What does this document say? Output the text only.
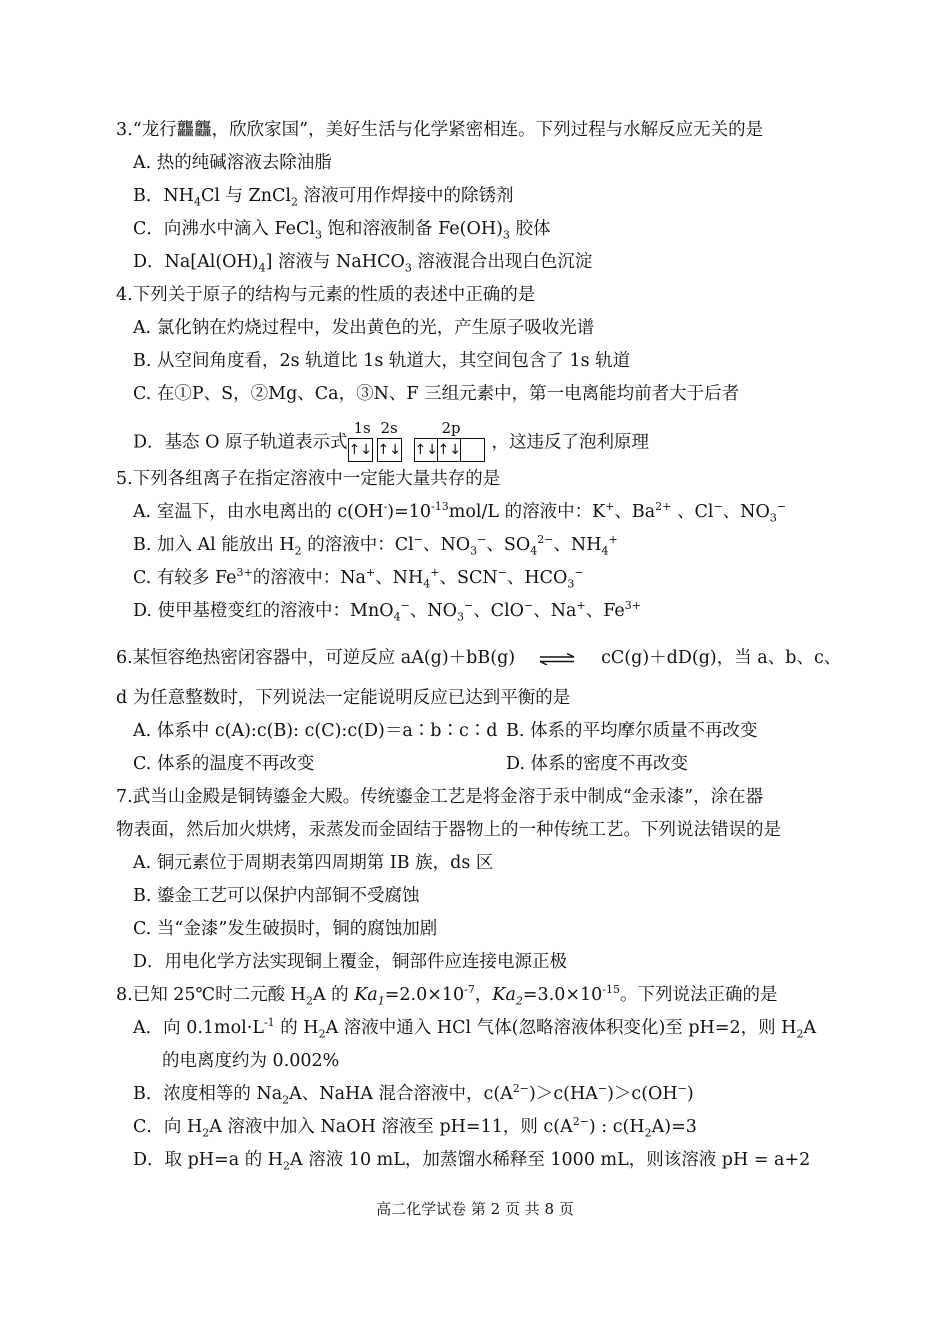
3.“龙行龘龘，欣欣家国”，美好生活与化学紧密相连。下列过程与水解反应无关的是
A. 热的纯碱溶液去除油脂
B．$NH_4Cl$ 与 ZnCl$_2$ 溶液可用作焊接中的除锈剂
C．向沸水中滴入 FeCl$_3$ 饱和溶液制备 $Fe(OH)_3$ 胶体
D．$Na[Al(OH)_4]$ 溶液与 NaHCO$_3$ 溶液混合出现白色沉淀
4.下列关于原子的结构与元素的性质的表述中正确的是
A. 氯化钠在灼烧过程中，发出黄色的光，产生原子吸收光谱
B. 从空间角度看，2s 轨道比 1s 轨道大，其空间包含了 1s 轨道
C. 在①P、S，②Mg、Ca，③N、F 三组元素中，第一电离能均前者大于后者
D．基态 O 原子轨道表示式
1s 2s	2p
↑↓ ↑↓ ↑↓ ↑↓ ，这违反了泡利原理
5.下列各组离子在指定溶液中一定能大量共存的是
A. 室温下，由水电离出的 $c(OH^-)=10^{-13}mol/L$ 的溶液中：K+、$Ba^{2+}$ 、Cl−、$NO_3^-$
B. 加入 Al 能放出 $H_2$ 的溶液中：Cl−、$NO_3^-$、$SO_4^{2-}$、$NH_4^+$
C. 有较多 $Fe^{3+}$的溶液中：Na+、$NH_4^+$、SCN−、$HCO_3^-$
D. 使甲基橙变红的溶液中：MnO$_4$−、$NO_3^-$、ClO−、Na+、$Fe^{3+}$
6.某恒容绝热密闭容器中，可逆反应 aA(g)＋bB(g) ⇌ cC(g)＋dD(g)，当 a、b、c、
d 为任意整数时，下列说法一定能说明反应已达到平衡的是
A. 体系中 c(A):c(B): c(C):c(D)＝a∶b∶c∶d B. 体系的平均摩尔质量不再改变
C. 体系的温度不再改变	D. 体系的密度不再改变
7.武当山金殿是铜铸鎏金大殿。传统鎏金工艺是将金溶于汞中制成“金汞漆”，涂在器
物表面，然后加火烘烤，汞蒸发而金固结于器物上的一种传统工艺。下列说法错误的是
A. 铜元素位于周期表第四周期第 IB 族，ds 区
B. 鎏金工艺可以保护内部铜不受腐蚀
C. 当“金漆”发生破损时，铜的腐蚀加剧
D．用电化学方法实现铜上覆金，铜部件应连接电源正极
8.已知 25℃时二元酸 $H_2A$ 的 $Ka_1=2.0\times 10^{-7}$，$Ka_2=3.0\times 10^{-15}$。下列说法正确的是
A．向 $0.1mol\cdot L^{-1}$ 的 $H_2A$ 溶液中通入 HCl 气体(忽略溶液体积变化)至 pH=2，则 $H_2A$
的电离度约为 0.002%
B．浓度相等的 $Na_2A$、NaHA 混合溶液中，$c(A^{2-})>c(HA^-)>c(OH^-)$
C．向 $H_2A$ 溶液中加入 NaOH 溶液至 pH=11，则 $c(A^{2-})$ : $c(H_2A)=3$
D．取 pH=a 的 $H_2A$ 溶液 10 mL，加蒸馏水稀释至 1000 mL，则该溶液 pH = a+2
高二化学试卷 第 2 页 共 8 页
